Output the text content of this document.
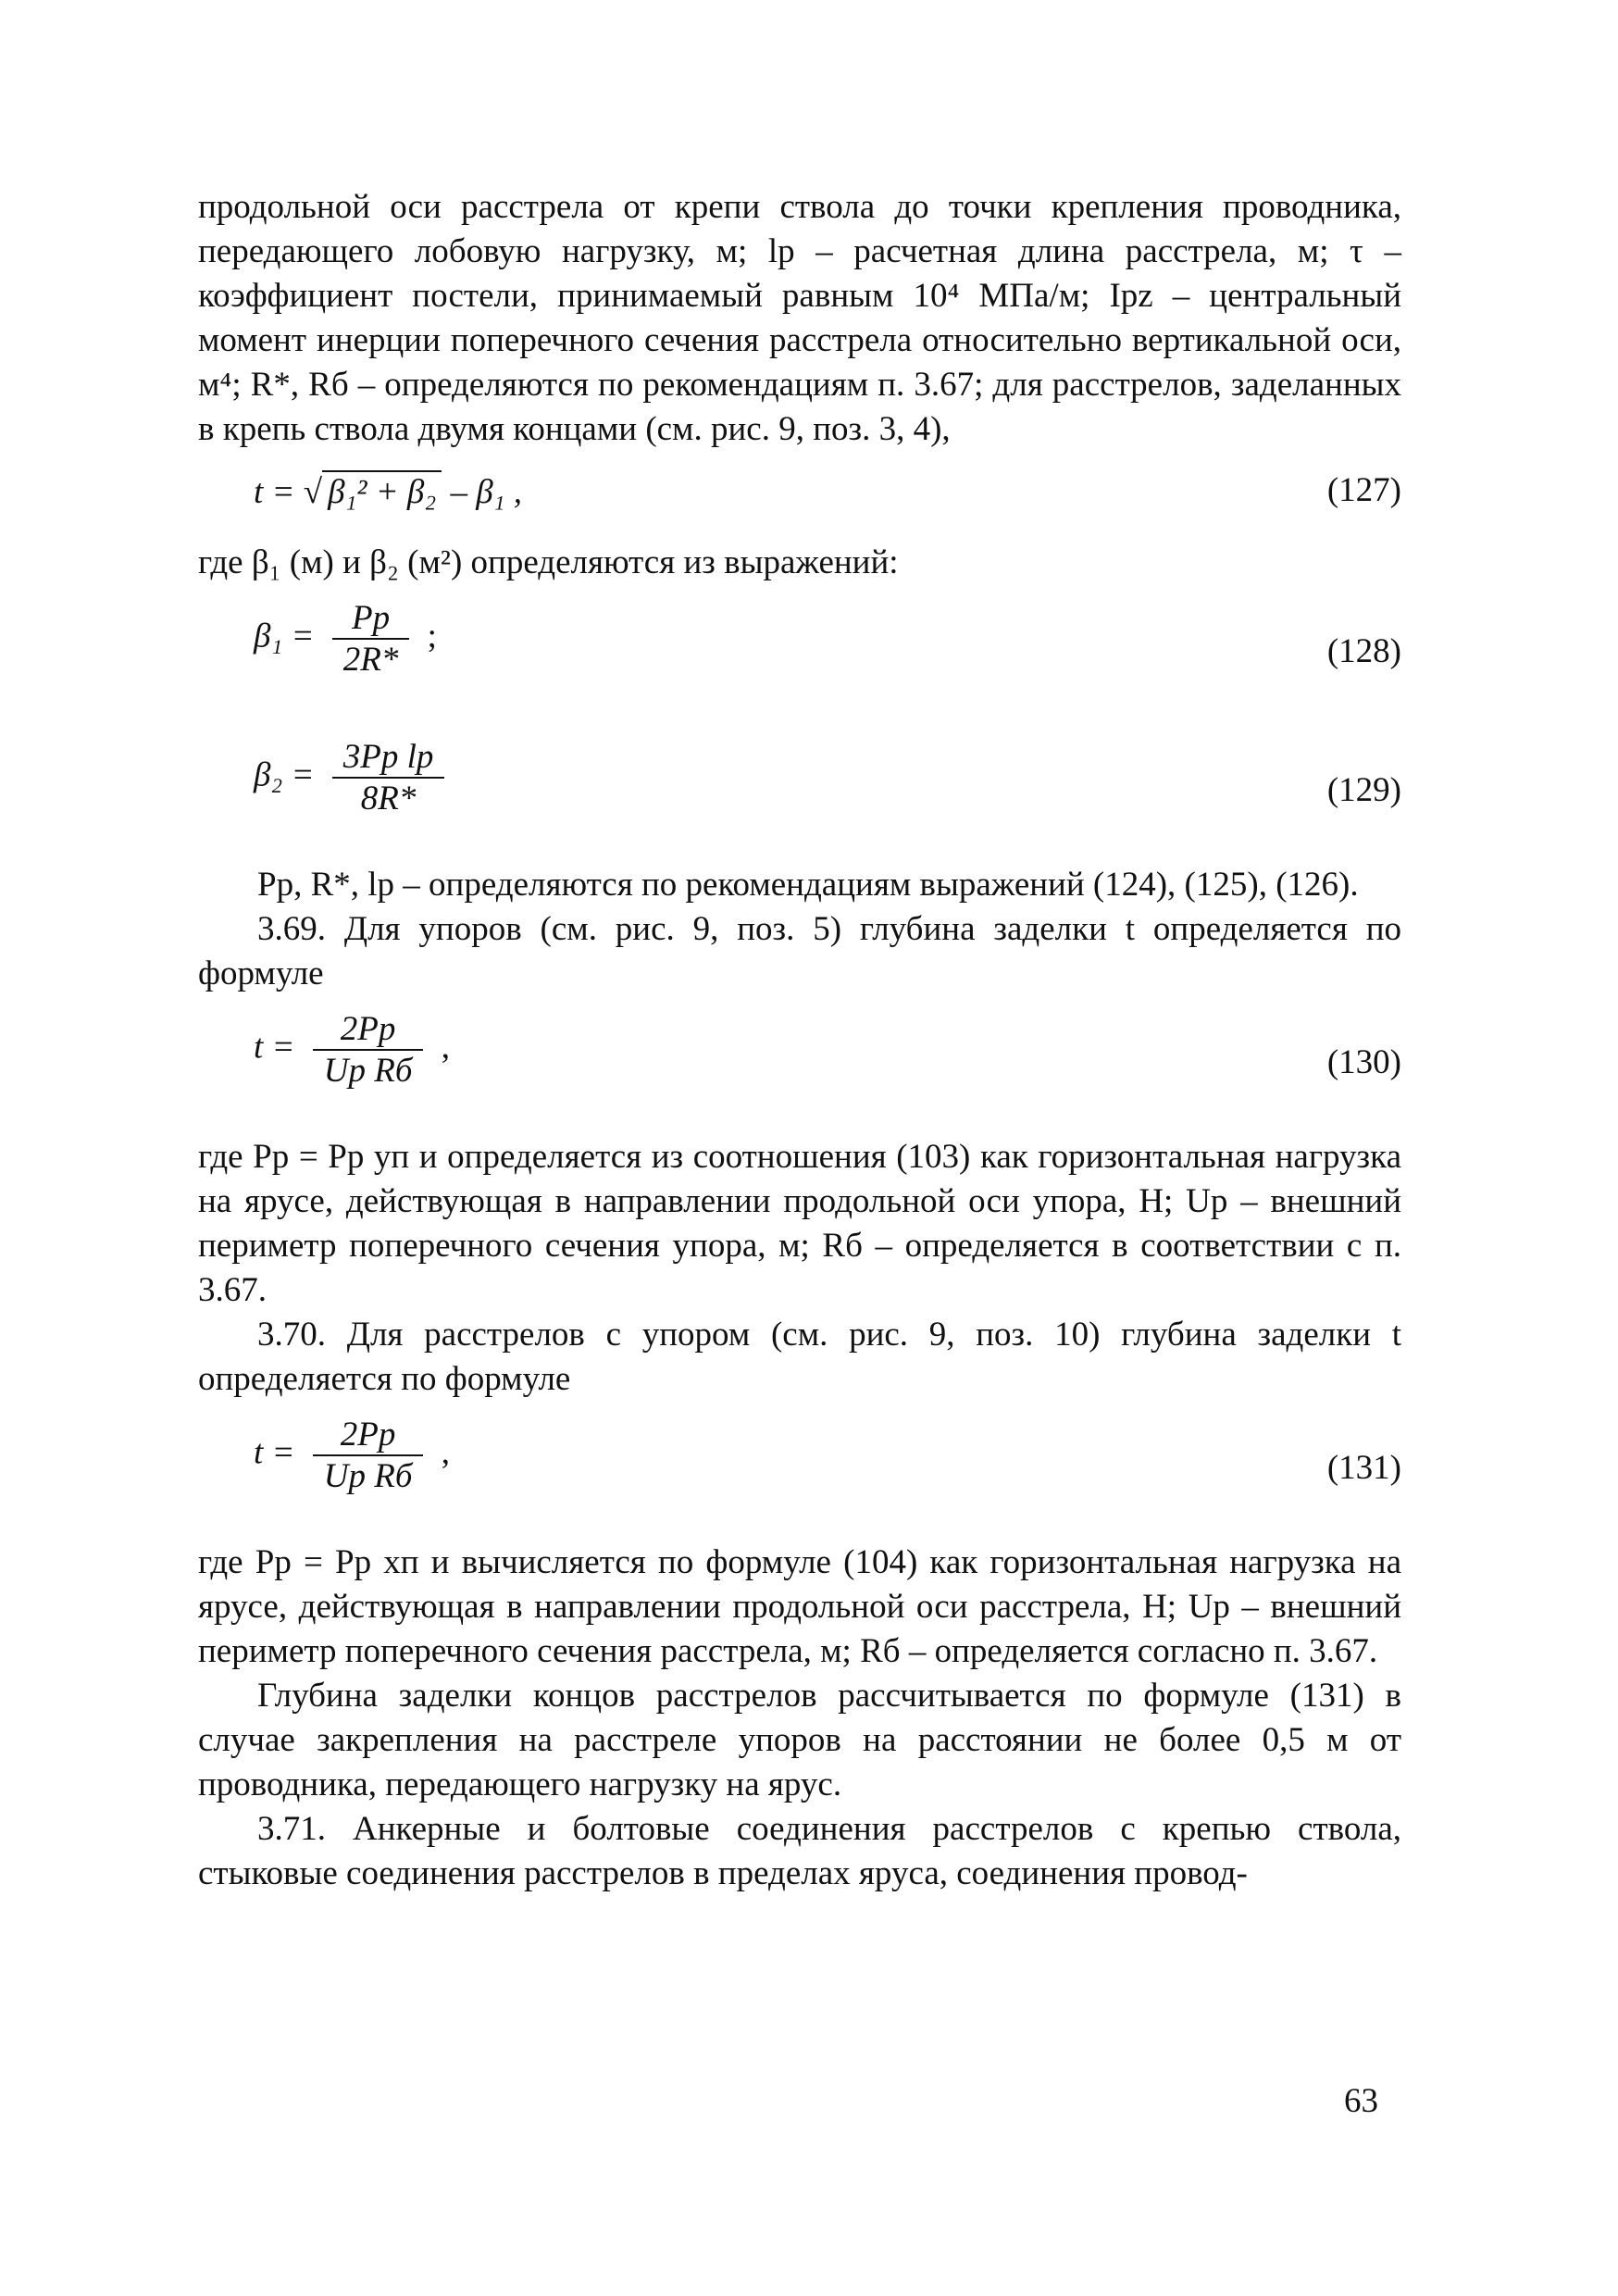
продольной оси расстрела от крепи ствола до точки крепления проводника, передающего лобовую нагрузку, м; lр – расчетная длина расстрела, м; τ – коэффициент постели, принимаемый равным 10⁴ МПа/м; Ipz – центральный момент инерции поперечного сечения расстрела относительно вертикальной оси, м⁴; R*, Rб – определяются по рекомендациям п. 3.67; для расстрелов, заделанных в крепь ствола двумя концами (см. рис. 9, поз. 3, 4),

t = √ β₁² + β₂ – β₁ ,	(127)

где β₁ (м) и β₂ (м²) определяются из выражений:

$\beta_1 = \frac{Pр}{2R*}$ ;	(128)
$\beta_2 = \frac{\text{3Pр lр}}{8R*}$	(129)

Pр, R*, lр – определяются по рекомендациям выражений (124), (125), (126).

3.69. Для упоров (см. рис. 9, поз. 5) глубина заделки t определяется по формуле

$t = \frac{2Pр}{\text{Uр Rб}}$ ,	(130)

где Pр = Pр уп и определяется из соотношения (103) как горизонтальная нагрузка на ярусе, действующая в направлении продольной оси упора, Н; Uр – внешний периметр поперечного сечения упора, м; Rб – определяется в соответствии с п. 3.67.

3.70. Для расстрелов с упором (см. рис. 9, поз. 10) глубина заделки t определяется по формуле

$t = \frac{2Pр}{\text{Uр Rб}}$ ,	(131)

где Pр = Pр хп и вычисляется по формуле (104) как горизонтальная нагрузка на ярусе, действующая в направлении продольной оси расстрела, Н; Uр – внешний периметр поперечного сечения расстрела, м; Rб – определяется согласно п. 3.67.

Глубина заделки концов расстрелов рассчитывается по формуле (131) в случае закрепления на расстреле упоров на расстоянии не более 0,5 м от проводника, передающего нагрузку на ярус.

3.71. Анкерные и болтовые соединения расстрелов с крепью ствола, стыковые соединения расстрелов в пределах яруса, соединения провод-

63
